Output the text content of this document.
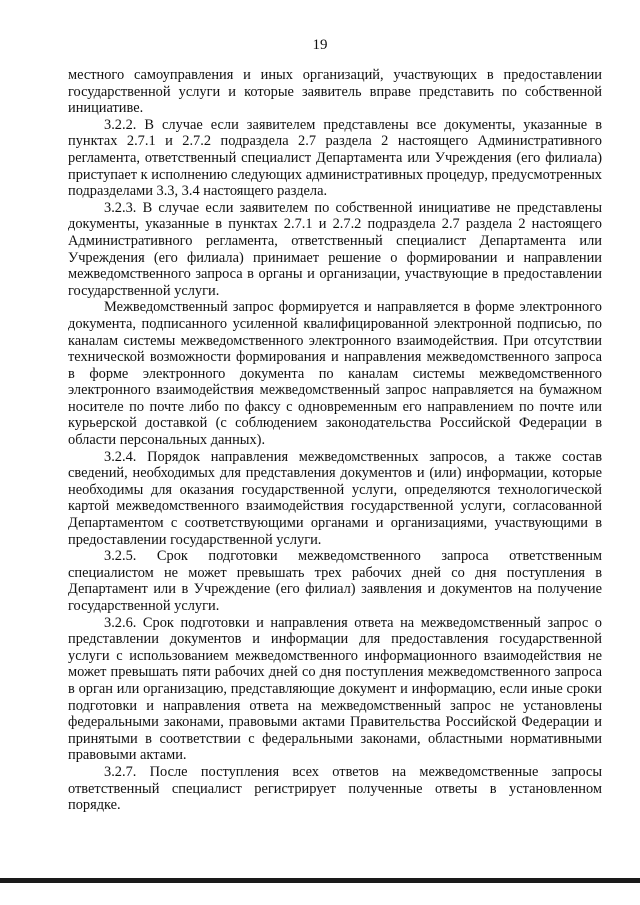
19

местного самоуправления и иных организаций, участвующих в предоставлении государственной услуги и которые заявитель вправе представить по собственной инициативе.

3.2.2. В случае если заявителем представлены все документы, указанные в пунктах 2.7.1 и 2.7.2 подраздела 2.7 раздела 2 настоящего Административного регламента, ответственный специалист Департамента или Учреждения (его филиала) приступает к исполнению следующих административных процедур, предусмотренных подразделами 3.3, 3.4 настоящего раздела.

3.2.3. В случае если заявителем по собственной инициативе не представлены документы, указанные в пунктах 2.7.1 и 2.7.2 подраздела 2.7 раздела 2 настоящего Административного регламента, ответственный специалист Департамента или Учреждения (его филиала) принимает решение о формировании и направлении межведомственного запроса в органы и организации, участвующие в предоставлении государственной услуги.

Межведомственный запрос формируется и направляется в форме электронного документа, подписанного усиленной квалифицированной электронной подписью, по каналам системы межведомственного электронного взаимодействия. При отсутствии технической возможности формирования и направления межведомственного запроса в форме электронного документа по каналам системы межведомственного электронного взаимодействия межведомственный запрос направляется на бумажном носителе по почте либо по факсу с одновременным его направлением по почте или курьерской доставкой (с соблюдением законодательства Российской Федерации в области персональных данных).

3.2.4. Порядок направления межведомственных запросов, а также состав сведений, необходимых для представления документов и (или) информации, которые необходимы для оказания государственной услуги, определяются технологической картой межведомственного взаимодействия государственной услуги, согласованной Департаментом с соответствующими органами и организациями, участвующими в предоставлении государственной услуги.

3.2.5. Срок подготовки межведомственного запроса ответственным специалистом не может превышать трех рабочих дней со дня поступления в Департамент или в Учреждение (его филиал) заявления и документов на получение государственной услуги.

3.2.6. Срок подготовки и направления ответа на межведомственный запрос о представлении документов и информации для предоставления государственной услуги с использованием межведомственного информационного взаимодействия не может превышать пяти рабочих дней со дня поступления межведомственного запроса в орган или организацию, представляющие документ и информацию, если иные сроки подготовки и направления ответа на межведомственный запрос не установлены федеральными законами, правовыми актами Правительства Российской Федерации и принятыми в соответствии с федеральными законами, областными нормативными правовыми актами.

3.2.7. После поступления всех ответов на межведомственные запросы ответственный специалист регистрирует полученные ответы в установленном порядке.
